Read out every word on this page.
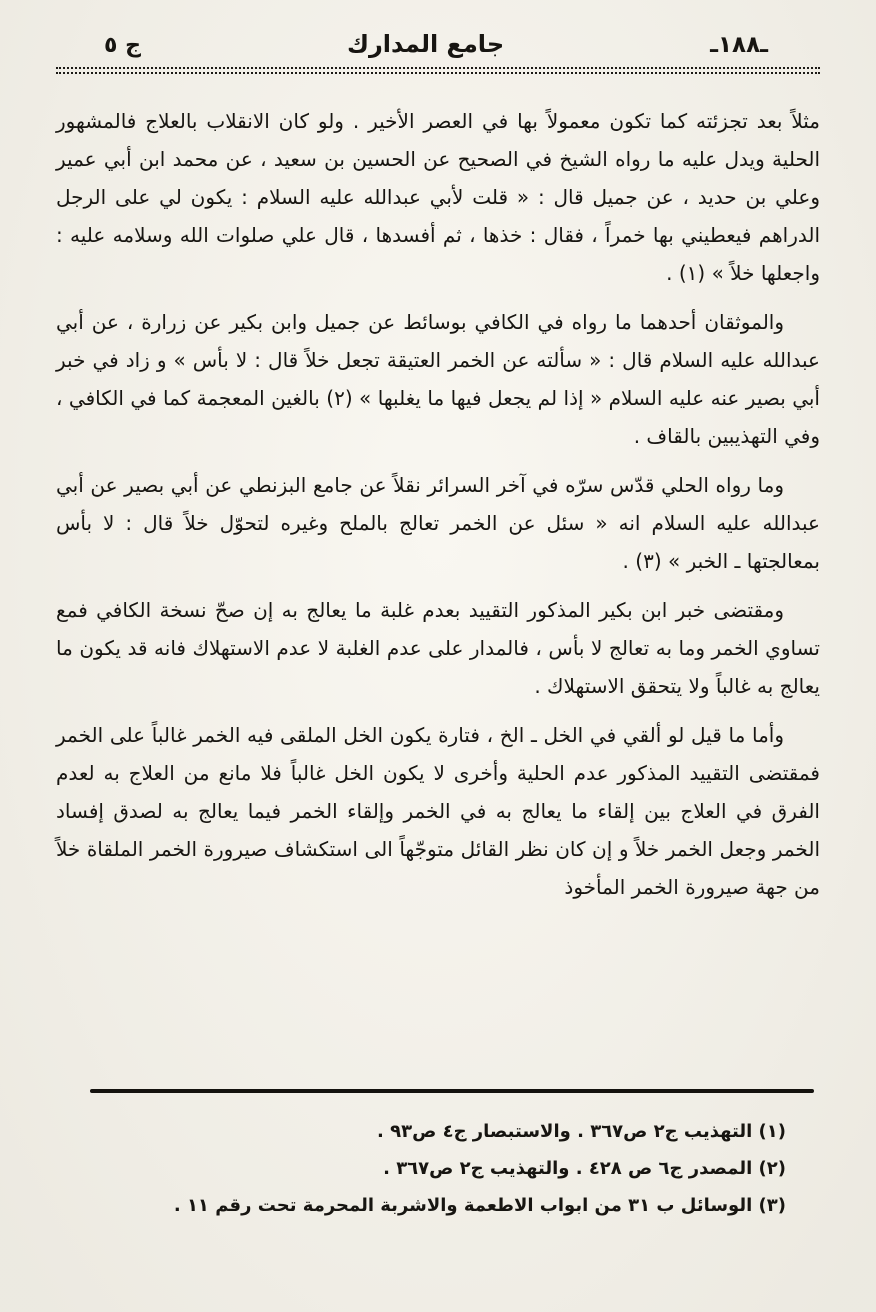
ـ١٨٨ـ
جامع المدارك
ج ٥

مثلاً بعد تجزئته كما تكون معمولاً بها في العصر الأخير . ولو كان الانقلاب بالعلاج فالمشهور الحلية ويدل عليه ما رواه الشيخ في الصحيح عن الحسين بن سعيد ، عن محمد ابن أبي عمير وعلي بن حديد ، عن جميل قال : « قلت لأبي عبدالله عليه السلام : يكون لي على الرجل الدراهم فيعطيني بها خمراً ، فقال : خذها ، ثم أفسدها ، قال علي صلوات الله وسلامه عليه : واجعلها خلاً » (١) .

والموثقان أحدهما ما رواه في الكافي بوسائط عن جميل وابن بكير عن زرارة ، عن أبي عبدالله عليه السلام قال : « سألته عن الخمر العتيقة تجعل خلاً قال : لا بأس » و زاد في خبر أبي بصير عنه عليه السلام « إذا لم يجعل فيها ما يغلبها » (٢) بالغين المعجمة كما في الكافي ، وفي التهذيبين بالقاف .

وما رواه الحلي قدّس سرّه في آخر السرائر نقلاً عن جامع البزنطي عن أبي بصير عن أبي عبدالله عليه السلام انه « سئل عن الخمر تعالج بالملح وغيره لتحوّل خلاً قال : لا بأس بمعالجتها ـ الخبر » (٣) .

ومقتضى خبر ابن بكير المذكور التقييد بعدم غلبة ما يعالج به إن صحّ نسخة الكافي فمع تساوي الخمر وما به تعالج لا بأس ، فالمدار على عدم الغلبة لا عدم الاستهلاك فانه قد يكون ما يعالج به غالباً ولا يتحقق الاستهلاك .

وأما ما قيل لو ألقي في الخل ـ الخ ، فتارة يكون الخل الملقى فيه الخمر غالباً على الخمر فمقتضى التقييد المذكور عدم الحلية وأخرى لا يكون الخل غالباً فلا مانع من العلاج به لعدم الفرق في العلاج بين إلقاء ما يعالج به في الخمر وإلقاء الخمر فيما يعالج به لصدق إفساد الخمر وجعل الخمر خلاً و إن كان نظر القائل متوجّهاً الى استكشاف صيرورة الخمر الملقاة خلاً من جهة صيرورة الخمر المأخوذ

(١) التهذيب ج٢ ص٣٦٧ . والاستبصار ج٤ ص٩٣ .

(٢) المصدر ج٦ ص ٤٢٨ . والتهذيب ج٢ ص٣٦٧ .

(٣) الوسائل ب ٣١ من ابواب الاطعمة والاشربة المحرمة تحت رقم ١١ .
